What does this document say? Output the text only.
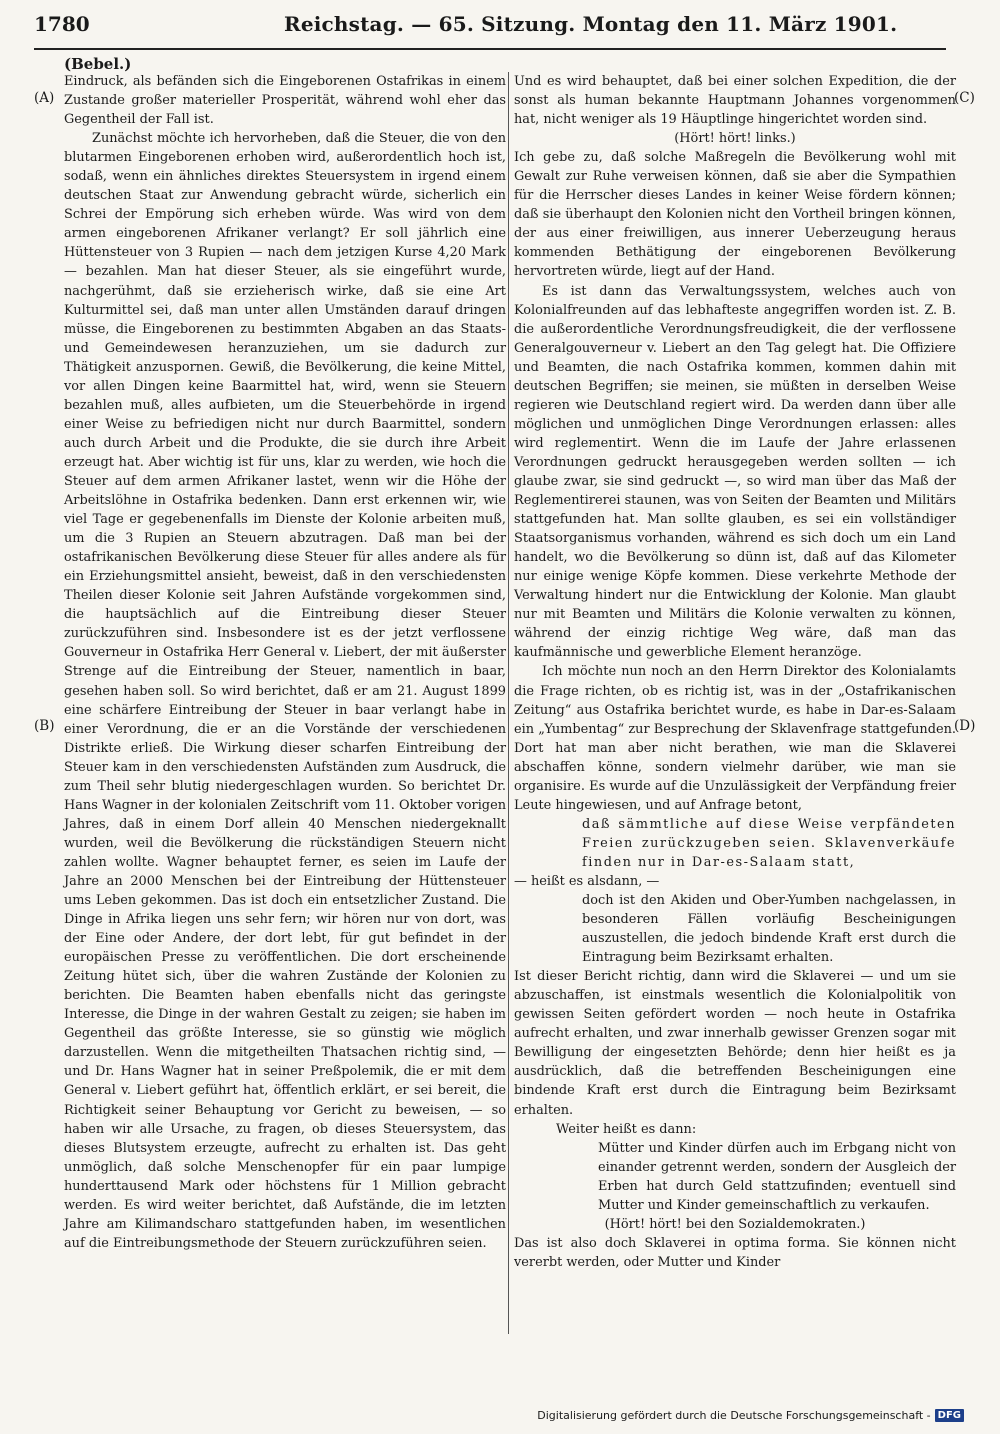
1780	Reichstag. — 65. Sitzung. Montag den 11. März 1901.
(Bebel.)
(A)
(B)
(C)
(D)

Eindruck, als befänden sich die Eingeborenen Ostafrikas in einem Zustande großer materieller Prosperität, während wohl eher das Gegentheil der Fall ist.

Zunächst möchte ich hervorheben, daß die Steuer, die von den blutarmen Eingeborenen erhoben wird, außerordentlich hoch ist, sodaß, wenn ein ähnliches direktes Steuersystem in irgend einem deutschen Staat zur Anwendung gebracht würde, sicherlich ein Schrei der Empörung sich erheben würde. Was wird von dem armen eingeborenen Afrikaner verlangt? Er soll jährlich eine Hüttensteuer von 3 Rupien — nach dem jetzigen Kurse 4,20 Mark — bezahlen. Man hat dieser Steuer, als sie eingeführt wurde, nachgerühmt, daß sie erzieherisch wirke, daß sie eine Art Kulturmittel sei, daß man unter allen Umständen darauf dringen müsse, die Eingeborenen zu bestimmten Abgaben an das Staats- und Gemeindewesen heranzuziehen, um sie dadurch zur Thätigkeit anzuspornen. Gewiß, die Bevölkerung, die keine Mittel, vor allen Dingen keine Baarmittel hat, wird, wenn sie Steuern bezahlen muß, alles aufbieten, um die Steuerbehörde in irgend einer Weise zu befriedigen nicht nur durch Baarmittel, sondern auch durch Arbeit und die Produkte, die sie durch ihre Arbeit erzeugt hat. Aber wichtig ist für uns, klar zu werden, wie hoch die Steuer auf dem armen Afrikaner lastet, wenn wir die Höhe der Arbeitslöhne in Ostafrika bedenken. Dann erst erkennen wir, wie viel Tage er gegebenenfalls im Dienste der Kolonie arbeiten muß, um die 3 Rupien an Steuern abzutragen. Daß man bei der ostafrikanischen Bevölkerung diese Steuer für alles andere als für ein Erziehungsmittel ansieht, beweist, daß in den verschiedensten Theilen dieser Kolonie seit Jahren Aufstände vorgekommen sind, die hauptsächlich auf die Eintreibung dieser Steuer zurückzuführen sind. Insbesondere ist es der jetzt verflossene Gouverneur in Ostafrika Herr General v. Liebert, der mit äußerster Strenge auf die Eintreibung der Steuer, namentlich in baar, gesehen haben soll. So wird berichtet, daß er am 21. August 1899 eine schärfere Eintreibung der Steuer in baar verlangt habe in einer Verordnung, die er an die Vorstände der verschiedenen Distrikte erließ. Die Wirkung dieser scharfen Eintreibung der Steuer kam in den verschiedensten Aufständen zum Ausdruck, die zum Theil sehr blutig niedergeschlagen wurden. So berichtet Dr. Hans Wagner in der kolonialen Zeitschrift vom 11. Oktober vorigen Jahres, daß in einem Dorf allein 40 Menschen niedergeknallt wurden, weil die Bevölkerung die rückständigen Steuern nicht zahlen wollte. Wagner behauptet ferner, es seien im Laufe der Jahre an 2000 Menschen bei der Eintreibung der Hüttensteuer ums Leben gekommen. Das ist doch ein entsetzlicher Zustand. Die Dinge in Afrika liegen uns sehr fern; wir hören nur von dort, was der Eine oder Andere, der dort lebt, für gut befindet in der europäischen Presse zu veröffentlichen. Die dort erscheinende Zeitung hütet sich, über die wahren Zustände der Kolonien zu berichten. Die Beamten haben ebenfalls nicht das geringste Interesse, die Dinge in der wahren Gestalt zu zeigen; sie haben im Gegentheil das größte Interesse, sie so günstig wie möglich darzustellen. Wenn die mitgetheilten Thatsachen richtig sind, — und Dr. Hans Wagner hat in seiner Preßpolemik, die er mit dem General v. Liebert geführt hat, öffentlich erklärt, er sei bereit, die Richtigkeit seiner Behauptung vor Gericht zu beweisen, — so haben wir alle Ursache, zu fragen, ob dieses Steuersystem, das dieses Blutsystem erzeugte, aufrecht zu erhalten ist. Das geht unmöglich, daß solche Menschenopfer für ein paar lumpige hunderttausend Mark oder höchstens für 1 Million gebracht werden. Es wird weiter berichtet, daß Aufstände, die im letzten Jahre am Kilimandscharo stattgefunden haben, im wesentlichen auf die Eintreibungsmethode der Steuern zurückzuführen seien.

Und es wird behauptet, daß bei einer solchen Expedition, die der sonst als human bekannte Hauptmann Johannes vorgenommen hat, nicht weniger als 19 Häuptlinge hingerichtet worden sind.

(Hört! hört! links.)

Ich gebe zu, daß solche Maßregeln die Bevölkerung wohl mit Gewalt zur Ruhe verweisen können, daß sie aber die Sympathien für die Herrscher dieses Landes in keiner Weise fördern können; daß sie überhaupt den Kolonien nicht den Vortheil bringen können, der aus einer freiwilligen, aus innerer Ueberzeugung heraus kommenden Bethätigung der eingeborenen Bevölkerung hervortreten würde, liegt auf der Hand.

Es ist dann das Verwaltungssystem, welches auch von Kolonialfreunden auf das lebhafteste angegriffen worden ist. Z. B. die außerordentliche Verordnungsfreudigkeit, die der verflossene Generalgouverneur v. Liebert an den Tag gelegt hat. Die Offiziere und Beamten, die nach Ostafrika kommen, kommen dahin mit deutschen Begriffen; sie meinen, sie müßten in derselben Weise regieren wie Deutschland regiert wird. Da werden dann über alle möglichen und unmöglichen Dinge Verordnungen erlassen: alles wird reglementirt. Wenn die im Laufe der Jahre erlassenen Verordnungen gedruckt herausgegeben werden sollten — ich glaube zwar, sie sind gedruckt —, so wird man über das Maß der Reglementirerei staunen, was von Seiten der Beamten und Militärs stattgefunden hat. Man sollte glauben, es sei ein vollständiger Staatsorganismus vorhanden, während es sich doch um ein Land handelt, wo die Bevölkerung so dünn ist, daß auf das Kilometer nur einige wenige Köpfe kommen. Diese verkehrte Methode der Verwaltung hindert nur die Entwicklung der Kolonie. Man glaubt nur mit Beamten und Militärs die Kolonie verwalten zu können, während der einzig richtige Weg wäre, daß man das kaufmännische und gewerbliche Element heranzöge.

Ich möchte nun noch an den Herrn Direktor des Kolonialamts die Frage richten, ob es richtig ist, was in der „Ostafrikanischen Zeitung“ aus Ostafrika berichtet wurde, es habe in Dar-es-Salaam ein „Yumbentag“ zur Besprechung der Sklavenfrage stattgefunden. Dort hat man aber nicht berathen, wie man die Sklaverei abschaffen könne, sondern vielmehr darüber, wie man sie organisire. Es wurde auf die Unzulässigkeit der Verpfändung freier Leute hingewiesen, und auf Anfrage betont,

daß sämmtliche auf diese Weise verpfändeten Freien zurückzugeben seien. Sklavenverkäufe finden nur in Dar-es-Salaam statt,

— heißt es alsdann, —

doch ist den Akiden und Ober-Yumben nachgelassen, in besonderen Fällen vorläufig Bescheinigungen auszustellen, die jedoch bindende Kraft erst durch die Eintragung beim Bezirksamt erhalten.

Ist dieser Bericht richtig, dann wird die Sklaverei — und um sie abzuschaffen, ist einstmals wesentlich die Kolonialpolitik von gewissen Seiten gefördert worden — noch heute in Ostafrika aufrecht erhalten, und zwar innerhalb gewisser Grenzen sogar mit Bewilligung der eingesetzten Behörde; denn hier heißt es ja ausdrücklich, daß die betreffenden Bescheinigungen eine bindende Kraft erst durch die Eintragung beim Bezirksamt erhalten.

Weiter heißt es dann:

Mütter und Kinder dürfen auch im Erbgang nicht von einander getrennt werden, sondern der Ausgleich der Erben hat durch Geld stattzufinden; eventuell sind Mutter und Kinder gemeinschaftlich zu verkaufen.

(Hört! hört! bei den Sozialdemokraten.)

Das ist also doch Sklaverei in optima forma. Sie können nicht vererbt werden, oder Mutter und Kinder

Digitalisierung gefördert durch die Deutsche Forschungsgemeinschaft - DFG
